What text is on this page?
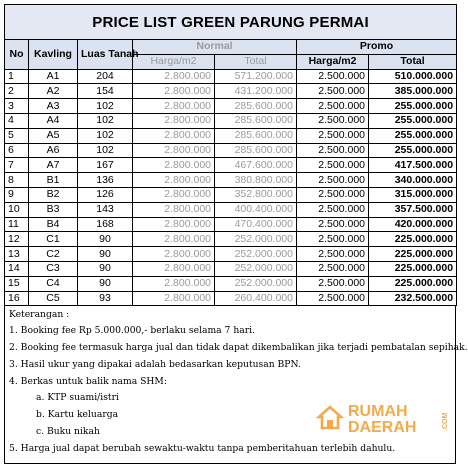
PRICE LIST GREEN PARUNG PERMAI						
No	Kavling	Luas Tanah	Normal		Promo	
			Harga/m2	Total	Harga/m2	Total
1	A1	204	2.800.000	571.200.000	2.500.000	510.000.000
2	A2	154	2.800.000	431.200.000	2.500.000	385.000.000
3	A3	102	2.800.000	285.600.000	2.500.000	255.000.000
4	A4	102	2.800.000	285.600.000	2.500.000	255.000.000
5	A5	102	2.800.000	285.600.000	2.500.000	255.000.000
6	A6	102	2.800.000	285.600.000	2.500.000	255.000.000
7	A7	167	2.800.000	467.600.000	2.500.000	417.500.000
8	B1	136	2.800.000	380.800.000	2.500.000	340.000.000
9	B2	126	2.800.000	352.800.000	2.500.000	315.000.000
10	B3	143	2.800.000	400.400.000	2.500.000	357.500.000
11	B4	168	2.800.000	470.400.000	2.500.000	420.000.000
12	C1	90	2.800.000	252.000.000	2.500.000	225.000.000
13	C2	90	2.800.000	252.000.000	2.500.000	225.000.000
14	C3	90	2.800.000	252.000.000	2.500.000	225.000.000
15	C4	90	2.800.000	252.000.000	2.500.000	225.000.000
16	C5	93	2.800.000	260.400.000	2.500.000	232.500.000
Keterangan :
1. Booking fee Rp 5.000.000,- berlaku selama 7 hari.
2. Booking fee termasuk harga jual dan tidak dapat dikembalikan jika terjadi pembatalan sepihak.
3. Hasil ukur yang dipakai adalah bedasarkan keputusan BPN.
4. Berkas untuk balik nama SHM:
a. KTP suami/istri
b. Kartu keluarga
c. Buku nikah
5. Harga jual dapat berubah sewaktu-waktu tanpa pemberitahuan terlebih dahulu.
RUMAH
DAERAH	.COM
